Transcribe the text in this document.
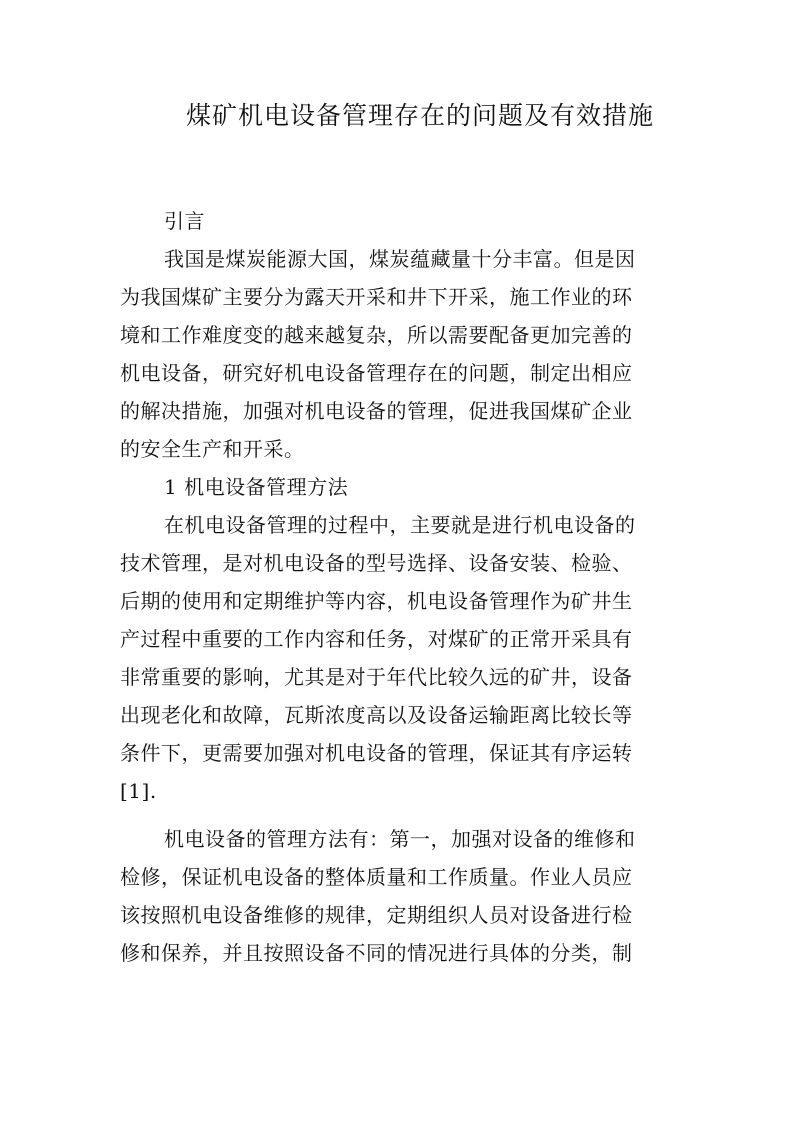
煤矿机电设备管理存在的问题及有效措施
引言
我国是煤炭能源大国，煤炭蕴藏量十分丰富。但是因
为我国煤矿主要分为露天开采和井下开采，施工作业的环
境和工作难度变的越来越复杂，所以需要配备更加完善的
机电设备，研究好机电设备管理存在的问题，制定出相应
的解决措施，加强对机电设备的管理，促进我国煤矿企业
的安全生产和开采。
1 机电设备管理方法
在机电设备管理的过程中，主要就是进行机电设备的
技术管理，是对机电设备的型号选择、设备安装、检验、
后期的使用和定期维护等内容，机电设备管理作为矿井生
产过程中重要的工作内容和任务，对煤矿的正常开采具有
非常重要的影响，尤其是对于年代比较久远的矿井，设备
出现老化和故障，瓦斯浓度高以及设备运输距离比较长等
条件下，更需要加强对机电设备的管理，保证其有序运转
[1].
机电设备的管理方法有：第一，加强对设备的维修和
检修，保证机电设备的整体质量和工作质量。作业人员应
该按照机电设备维修的规律，定期组织人员对设备进行检
修和保养，并且按照设备不同的情况进行具体的分类，制
